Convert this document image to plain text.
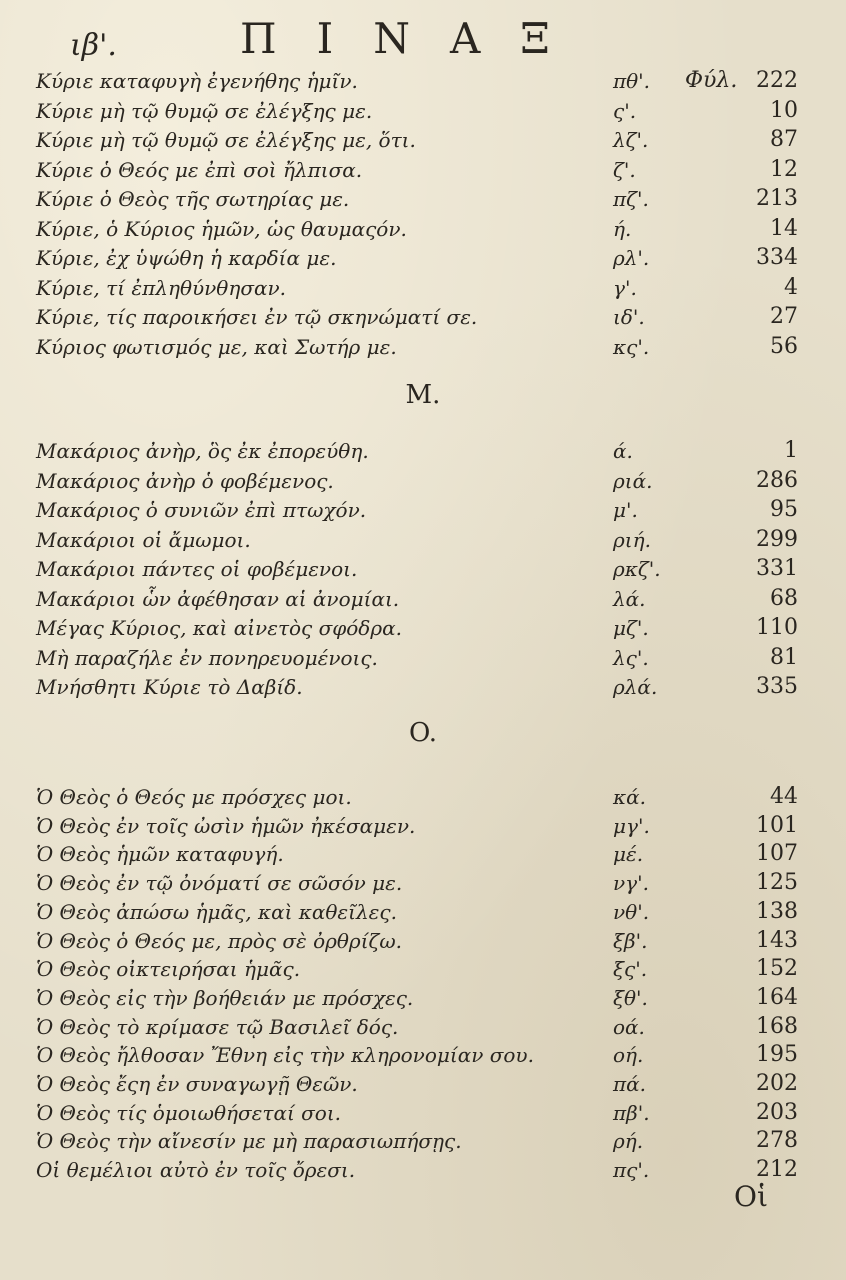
ιβ'.	ΠΙΝΑΞ
Κύριε καταφυγὴ ἐγενήθης ἡμῖν.	πθ'. Φύλ. 222
Κύριε μὴ τῷ θυμῷ σε ἐλέγξης με.	ς'.	10
Κύριε μὴ τῷ θυμῷ σε ἐλέγξης με, ὅτι.	λζ'.	87
Κύριε ὁ Θεός με ἐπὶ σοὶ ἤλπισα.	ζ'.	12
Κύριε ὁ Θεὸς τῆς σωτηρίας με.	πζ'.	213
Κύριε, ὁ Κύριος ἡμῶν, ὡς θαυμαςόν.	ή.	14
Κύριε, ἐχ ὑψώθη ἡ καρδία με.	ρλ'.	334
Κύριε, τί ἐπληθύνθησαν.	γ'.	4
Κύριε, τίς παροικήσει ἐν τῷ σκηνώματί σε.	ιδ'.	27
Κύριος φωτισμός με, καὶ Σωτήρ με.	κς'.	56
M.
Μακάριος ἀνὴρ, ὃς ἐκ ἐπορεύθη.	ά.	1
Μακάριος ἀνὴρ ὁ φοβέμενος.	ριά.	286
Μακάριος ὁ συνιῶν ἐπὶ πτωχόν.	μ'.	95
Μακάριοι οἱ ἄμωμοι.	ριή.	299
Μακάριοι πάντες οἱ φοβέμενοι.	ρκζ'.	331
Μακάριοι ὧν ἀφέθησαν αἱ ἀνομίαι.	λά.	68
Μέγας Κύριος, καὶ αἰνετὸς σφόδρα.	μζ'.	110
Μὴ παραζήλε ἐν πονηρευομένοις.	λς'.	81
Μνήσθητι Κύριε τὸ Δαβίδ.	ρλά.	335
O.
Ὁ Θεὸς ὁ Θεός με πρόσχες μοι.	κά.	44
Ὁ Θεὸς ἐν τοῖς ὠσὶν ἡμῶν ἠκέσαμεν.	μγ'.	101
Ὁ Θεὸς ἡμῶν καταφυγή.	μέ.	107
Ὁ Θεὸς ἐν τῷ ὀνόματί σε σῶσόν με.	νγ'.	125
Ὁ Θεὸς ἀπώσω ἡμᾶς, καὶ καθεῖλες.	νθ'.	138
Ὁ Θεὸς ὁ Θεός με, πρὸς σὲ ὀρθρίζω.	ξβ'.	143
Ὁ Θεὸς οἰκτειρήσαι ἡμᾶς.	ξς'.	152
Ὁ Θεὸς εἰς τὴν βοήθειάν με πρόσχες.	ξθ'.	164
Ὁ Θεὸς τὸ κρίμασε τῷ Βασιλεῖ δός.	οά.	168
Ὁ Θεὸς ἤλθοσαν Ἔθνη εἰς τὴν κληρονομίαν σου.	οή.	195
Ὁ Θεὸς ἔςη ἐν συναγωγῇ Θεῶν.	πά.	202
Ὁ Θεὸς τίς ὁμοιωθήσεταί σοι.	πβ'.	203
Ὁ Θεὸς τὴν αἴνεσίν με μὴ παρασιωπήσῃς.	ρή.	278
Οἱ θεμέλιοι αὐτὸ ἐν τοῖς ὄρεσι.	πς'.	212
Οἱ
